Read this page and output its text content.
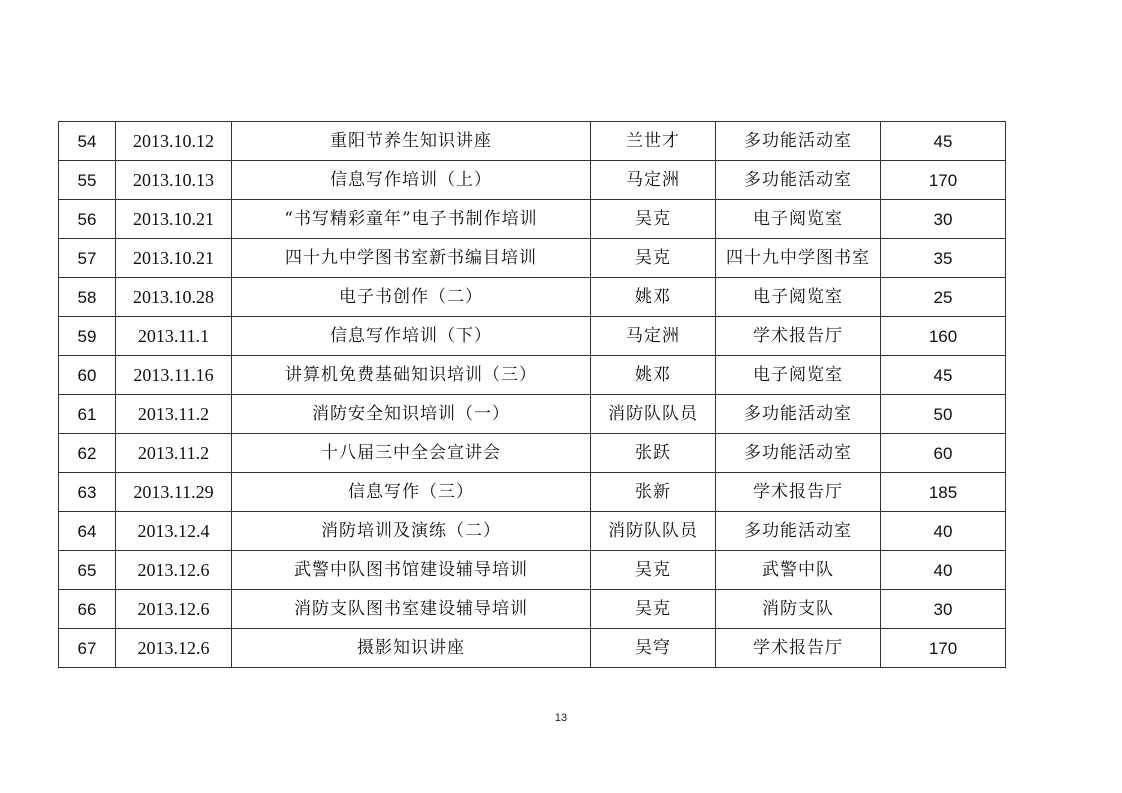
54	2013.10.12	重阳节养生知识讲座	兰世才	多功能活动室	45
55	2013.10.13	信息写作培训（上）	马定洲	多功能活动室	170
56	2013.10.21	“书写精彩童年”电子书制作培训	吴克	电子阅览室	30
57	2013.10.21	四十九中学图书室新书编目培训	吴克	四十九中学图书室	35
58	2013.10.28	电子书创作（二）	姚邓	电子阅览室	25
59	2013.11.1	信息写作培训（下）	马定洲	学术报告厅	160
60	2013.11.16	讲算机免费基础知识培训（三）	姚邓	电子阅览室	45
61	2013.11.2	消防安全知识培训（一）	消防队队员	多功能活动室	50
62	2013.11.2	十八届三中全会宣讲会	张跃	多功能活动室	60
63	2013.11.29	信息写作（三）	张新	学术报告厅	185
64	2013.12.4	消防培训及演练（二）	消防队队员	多功能活动室	40
65	2013.12.6	武警中队图书馆建设辅导培训	吴克	武警中队	40
66	2013.12.6	消防支队图书室建设辅导培训	吴克	消防支队	30
67	2013.12.6	摄影知识讲座	吴穹	学术报告厅	170
13
